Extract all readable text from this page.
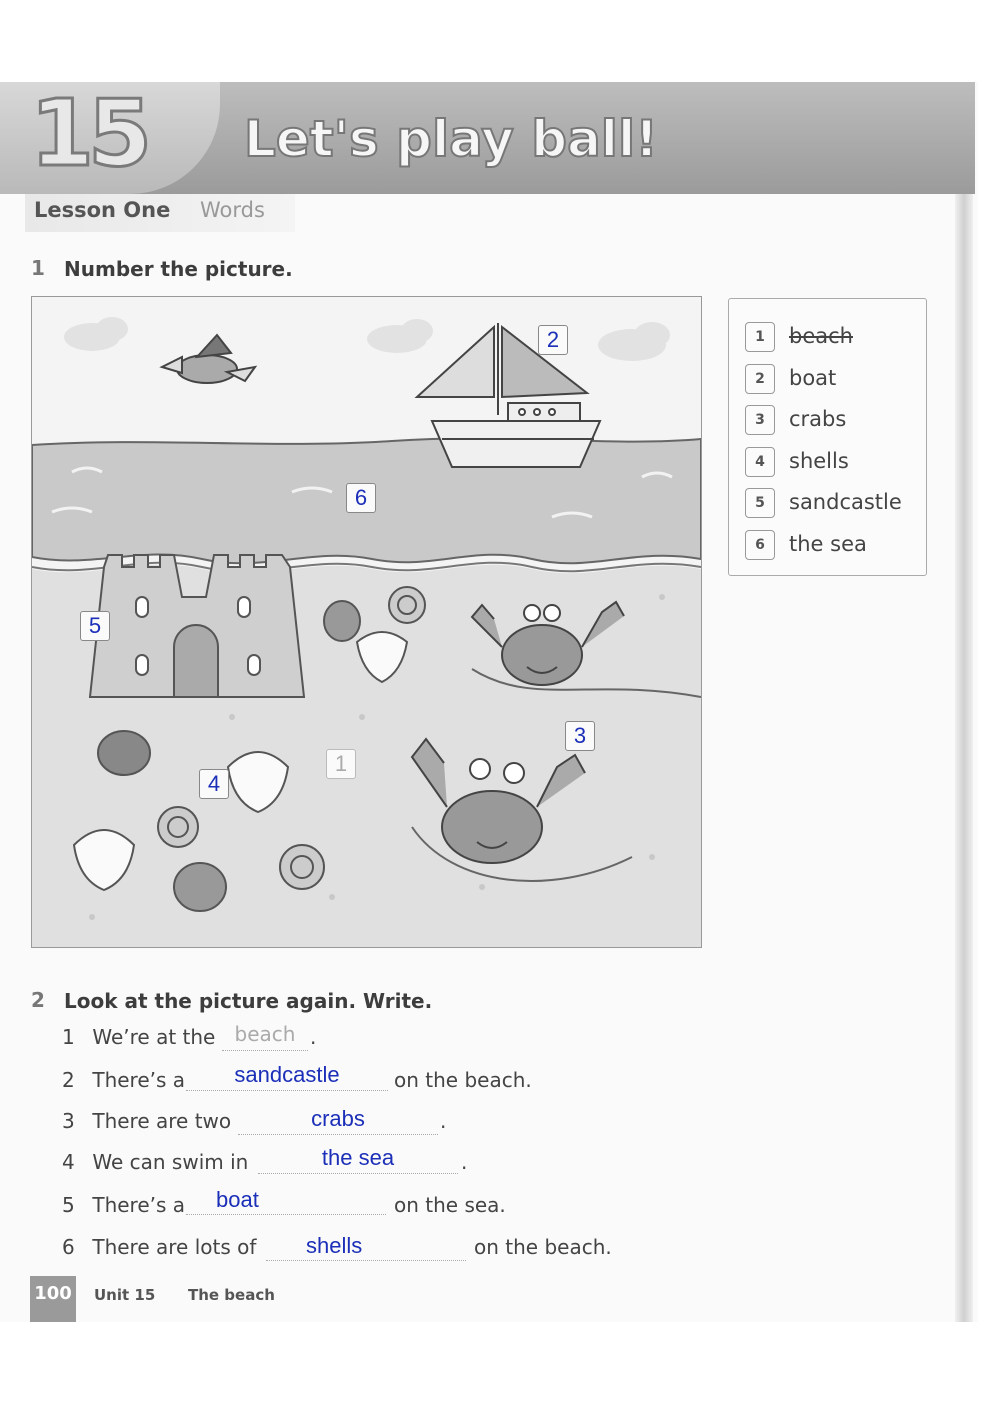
15 Let's play ball!
Lesson One Words
1 Number the picture.
2
6
5
4
1
3
1	beach
2	boat
3	crabs
4	shells
5	sandcastle
6	the sea
2 Look at the picture again. Write.
1 We’re at the beach .
2 There’s a	sandcastle	on the beach.
3 There are two	crabs	.
4 We can swim in	the sea	.
5 There’s a	boat	on the sea.
6 There are lots of	shells	on the beach.
100 Unit 15 The beach
